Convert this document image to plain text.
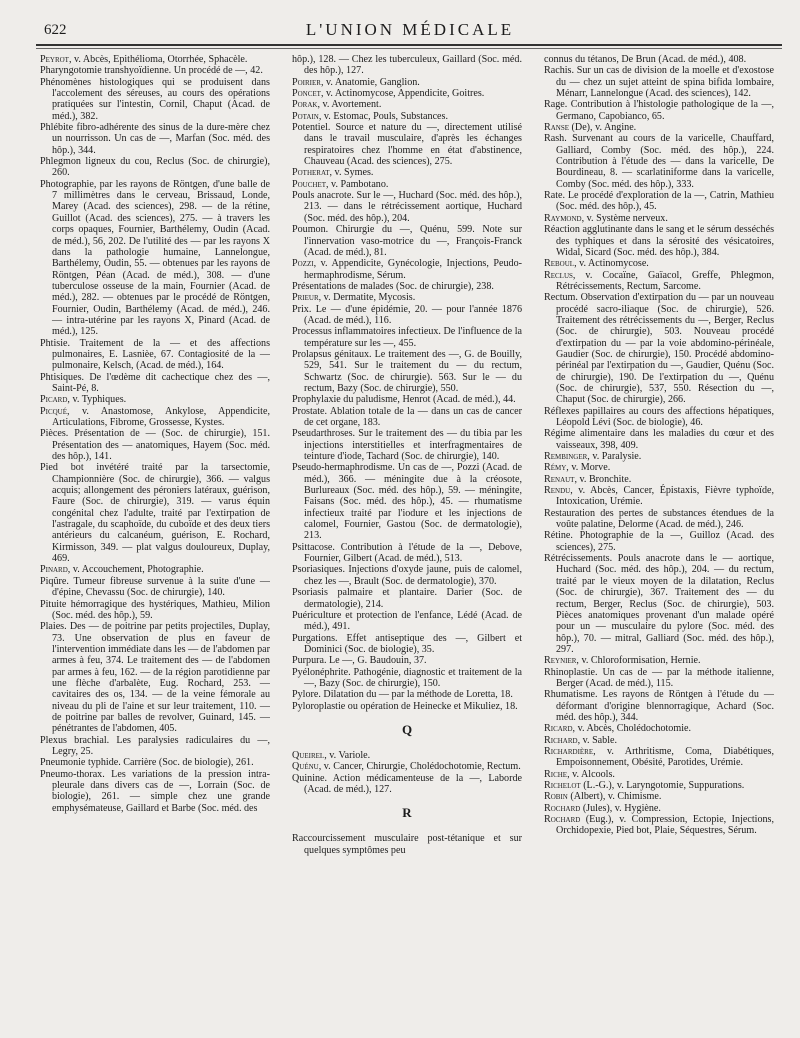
622	L'UNION MÉDICALE

Peyrot, v. Abcès, Epithélioma, Otorrhée, Sphacèle.

Pharyngotomie transhyoïdienne. Un procédé de —, 42.

Phénomènes histologiques qui se produisent dans l'accolement des séreuses, au cours des opérations pratiquées sur l'intestin, Cornil, Chaput (Acad. de méd.), 382.

Phlébite fibro-adhérente des sinus de la dure-mère chez un nourrisson. Un cas de —, Marfan (Soc. méd. des hôp.), 344.

Phlegmon ligneux du cou, Reclus (Soc. de chirurgie), 260.

Photographie, par les rayons de Röntgen, d'une balle de 7 millimètres dans le cerveau, Brissaud, Londe, Marey (Acad. des sciences), 298. — de la rétine, Guillot (Acad. des sciences), 275. — à travers les corps opaques, Fournier, Barthélemy, Oudin (Acad. de méd.), 56, 202. De l'utilité des — par les rayons X dans la pathologie humaine, Lannelongue, Barthélemy, Oudin, 55. — obtenues par les rayons de Röntgen, Péan (Acad. de méd.), 308. — d'une tuberculose osseuse de la main, Fournier (Acad. de méd.), 282. — obtenues par le procédé de Röntgen, Fournier, Oudin, Barthélemy (Acad. de méd.), 246. — intra-utérine par les rayons X, Pinard (Acad. de méd.), 125.

Phtisie. Traitement de la — et des affections pulmonaires, E. Lasnièe, 67. Contagiosité de la — pulmonaire, Kelsch, (Acad. de méd.), 164.

Phtisiques. De l'œdème dit cachectique chez des —, Saint-Pé, 8.

Picard, v. Typhiques.

Picqué, v. Anastomose, Ankylose, Appendicite, Articulations, Fibrome, Grossesse, Kystes.

Pièces. Présentation de — (Soc. de chirurgie), 151. Présentation des — anatomiques, Hayem (Soc. méd. des hôp.), 141.

Pied bot invétéré traité par la tarsectomie, Championnière (Soc. de chirurgie), 366. — valgus acquis; allongement des péroniers latéraux, guérison, Faure (Soc. de chirurgie), 319. — varus équin congénital chez l'adulte, traité par l'extirpation de l'astragale, du scaphoïde, du cuboïde et des deux tiers antérieurs du calcanéum, guérison, E. Rochard, Kirmisson, 349. — plat valgus douloureux, Duplay, 469.

Pinard, v. Accouchement, Photographie.

Piqûre. Tumeur fibreuse survenue à la suite d'une — d'épine, Chevassu (Soc. de chirurgie), 140.

Pituite hémorragique des hystériques, Mathieu, Milion (Soc. méd. des hôp.), 59.

Plaies. Des — de poitrine par petits projectiles, Duplay, 73. Une observation de plus en faveur de l'intervention immédiate dans les — de l'abdomen par armes à feu, 374. Le traitement des — de l'abdomen par armes à feu, 162. — de la région parotidienne par une flèche d'arbalète, Eug. Rochard, 253. — cavitaires des os, 134. — de la veine fémorale au niveau du pli de l'aine et sur leur traitement, 110. — de poitrine par balles de revolver, Guinard, 145. — pénétrantes de l'abdomen, 405.

Plexus brachial. Les paralysies radiculaires du —, Legry, 25.

Pneumonie typhide. Carrière (Soc. de biologie), 261.

Pneumo-thorax. Les variations de la pression intra-pleurale dans divers cas de —, Lorrain (Soc. de biologie), 261. — simple chez une grande emphysémateuse, Gaillard et Barbe (Soc. méd. des

hôp.), 128. — Chez les tuberculeux, Gaillard (Soc. méd. des hôp.), 127.

Poirier, v. Anatomie, Ganglion.

Poncet, v. Actinomycose, Appendicite, Goitres.

Porak, v. Avortement.

Potain, v. Estomac, Pouls, Substances.

Potentiel. Source et nature du —, directement utilisé dans le travail musculaire, d'après les échanges respiratoires chez l'homme en état d'abstinence, Chauveau (Acad. des sciences), 275.

Potherat, v. Symes.

Pouchet, v. Pambotano.

Pouls anacrote. Sur le —, Huchard (Soc. méd. des hôp.), 213. — dans le rétrécissement aortique, Huchard (Soc. méd. des hôp.), 204.

Poumon. Chirurgie du —, Quénu, 599. Note sur l'innervation vaso-motrice du —, François-Franck (Acad. de méd.), 81.

Pozzi, v. Appendicite, Gynécologie, Injections, Peudo-hermaphrodisme, Sérum.

Présentations de malades (Soc. de chirurgie), 238.

Prieur, v. Dermatite, Mycosis.

Prix. Le — d'une épidémie, 20. — pour l'année 1876 (Acad. de méd.), 116.

Processus inflammatoires infectieux. De l'influence de la température sur les —, 455.

Prolapsus génitaux. Le traitement des —, G. de Bouilly, 529, 541. Sur le traitement du — du rectum, Schwartz (Soc. de chirurgie). 563. Sur le — du rectum, Bazy (Soc. de chirurgie), 550.

Prophylaxie du paludisme, Henrot (Acad. de méd.), 44.

Prostate. Ablation totale de la — dans un cas de cancer de cet organe, 183.

Pseudarthroses. Sur le traitement des — du tibia par les injections interstitielles et interfragmentaires de teinture d'iode, Tachard (Soc. de chirurgie), 140.

Pseudo-hermaphrodisme. Un cas de —, Pozzi (Acad. de méd.), 366. — méningite due à la créosote, Burlureaux (Soc. méd. des hôp.), 59. — méningite, Faisans (Soc. méd. des hôp.), 45. — rhumatisme infectieux traité par l'iodure et les injections de calomel, Fournier, Gastou (Soc. de dermatologie), 213.

Psittacose. Contribution à l'étude de la —, Debove, Fournier, Gilbert (Acad. de méd.), 513.

Psoriasiques. Injections d'oxyde jaune, puis de calomel, chez les —, Brault (Soc. de dermatologie), 370.

Psoriasis palmaire et plantaire. Darier (Soc. de dermatologie), 214.

Puériculture et protection de l'enfance, Lédé (Acad. de méd.), 491.

Purgations. Effet antiseptique des —, Gilbert et Dominici (Soc. de biologie), 35.

Purpura. Le —, G. Baudouin, 37.

Pyélonéphrite. Pathogénie, diagnostic et traitement de la —, Bazy (Soc. de chirurgie), 150.

Pylore. Dilatation du — par la méthode de Loretta, 18.

Pyloroplastie ou opération de Heinecke et Mikuliez, 18.

Q

Queirel, v. Variole.

Quénu, v. Cancer, Chirurgie, Cholédochotomie, Rectum.

Quinine. Action médicamenteuse de la —, Laborde (Acad. de méd.), 127.

R

Raccourcissement musculaire post-tétanique et sur quelques symptômes peu

connus du tétanos, De Brun (Acad. de méd.), 408.

Rachis. Sur un cas de division de la moelle et d'exostose du — chez un sujet atteint de spina bifida lombaire, Ménarr, Lannelongue (Acad. des sciences), 142.

Rage. Contribution à l'histologie pathologique de la —, Germano, Capobianco, 65.

Ranse (De), v. Angine.

Rash. Survenant au cours de la varicelle, Chauffard, Galliard, Comby (Soc. méd. des hôp.), 224. Contribution à l'étude des — dans la varicelle, De Bourdineau, 8. — scarlatiniforme dans la varicelle, Comby (Soc. méd. des hôp.), 333.

Rate. Le procédé d'exploration de la —, Catrin, Mathieu (Soc. méd. des hôp.), 45.

Raymond, v. Système nerveux.

Réaction agglutinante dans le sang et le sérum desséchés des typhiques et dans la sérosité des vésicatoires, Widal, Sicard (Soc. méd. des hôp.), 384.

Reboul, v. Actinomycose.

Reclus, v. Cocaïne, Gaïacol, Greffe, Phlegmon, Rétrécissements, Rectum, Sarcome.

Rectum. Observation d'extirpation du — par un nouveau procédé sacro-iliaque (Soc. de chirurgie), 526. Traitement des rétrécissements du —, Berger, Reclus (Soc. de chirurgie), 503. Nouveau procédé d'extirpation du — par la voie abdomino-périnéale, Gaudier (Soc. de chirurgie), 150. Procédé abdomino-périnéal par l'extirpation du —, Gaudier, Quénu (Soc. de chirurgie), 190. De l'extirpation du —, Quénu (Soc. de chirurgie), 537, 550. Résection du —, Chaput (Soc. de chirurgie), 266.

Réflexes papillaires au cours des affections hépatiques, Léopold Lévi (Soc. de biologie), 46.

Régime alimentaire dans les maladies du cœur et des vaisseaux, 398, 409.

Rembinger, v. Paralysie.

Rémy, v. Morve.

Renaut, v. Bronchite.

Rendu, v. Abcès, Cancer, Épistaxis, Fièvre typhoïde, Intoxication, Urémie.

Restauration des pertes de substances étendues de la voûte palatine, Delorme (Acad. de méd.), 246.

Rétine. Photographie de la —, Guilloz (Acad. des sciences), 275.

Rétrécissements. Pouls anacrote dans le — aortique, Huchard (Soc. méd. des hôp.), 204. — du rectum, traité par le vieux moyen de la dilatation, Reclus (Soc. de chirurgie), 367. Traitement des — du rectum, Berger, Reclus (Soc. de chirurgie), 503. Pièces anatomiques provenant d'un malade opéré pour un — musculaire du pylore (Soc. méd. des hôp.), 70. — mitral, Galliard (Soc. méd. des hôp.), 297.

Reynier, v. Chloroformisation, Hernie.

Rhinoplastie. Un cas de — par la méthode italienne, Berger (Acad. de méd.), 115.

Rhumatisme. Les rayons de Röntgen à l'étude du — déformant d'origine blennorragique, Achard (Soc. méd. des hôp.), 344.

Ricard, v. Abcès, Cholédochotomie.

Richard, v. Sable.

Richardière, v. Arthritisme, Coma, Diabétiques, Empoisonnement, Obésité, Parotides, Urémie.

Riche, v. Alcools.

Richelot (L.-G.), v. Laryngotomie, Suppurations.

Robin (Albert), v. Chimisme.

Rochard (Jules), v. Hygiène.

Rochard (Eug.), v. Compression, Ectopie, Injections, Orchidopexie, Pied bot, Plaie, Séquestres, Sérum.
